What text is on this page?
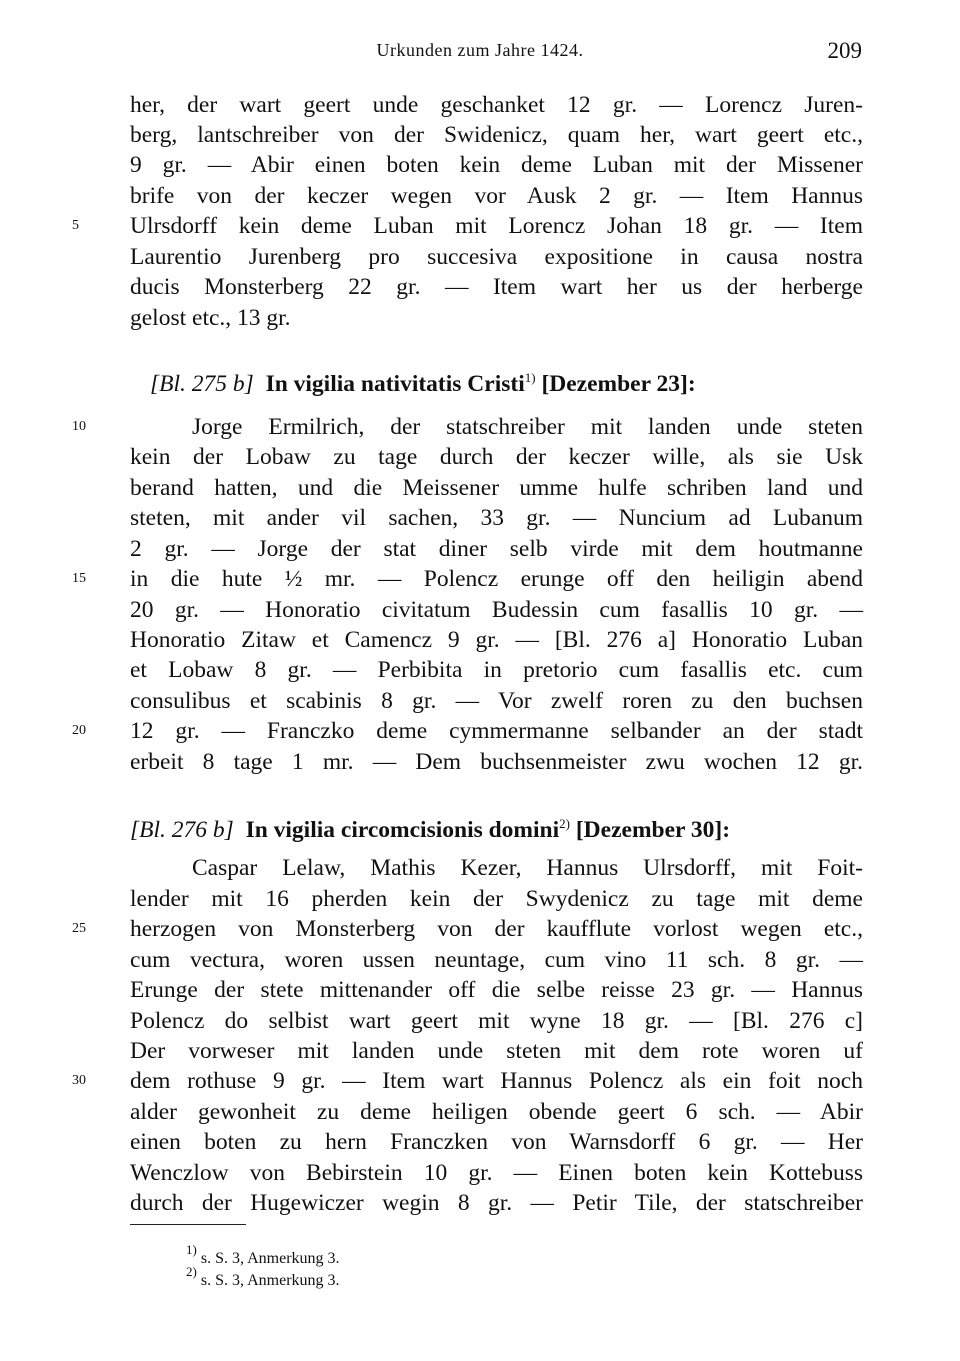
Urkunden zum Jahre 1424.	209
her, der wart geert unde geschanket 12 gr. — Lorencz Juren-
berg, lantschreiber von der Swidenicz, quam her, wart geert etc.,
9 gr. — Abir einen boten kein deme Luban mit der Missener
brife von der keczer wegen vor Ausk 2 gr. — Item Hannus
Ulrsdorff kein deme Luban mit Lorencz Johan 18 gr. — Item
Laurentio Jurenberg pro succesiva expositione in causa nostra
ducis Monsterberg 22 gr. — Item wart her us der herberge
gelost etc., 13 gr.
5
[Bl. 275 b] In vigilia nativitatis Cristi$^{1)}$ [Dezember 23]:
Jorge Ermilrich, der statschreiber mit landen unde steten
kein der Lobaw zu tage durch der keczer wille, als sie Usk
berand hatten, und die Meissener umme hulfe schriben land und
steten, mit ander vil sachen, 33 gr. — Nuncium ad Lubanum
2 gr. — Jorge der stat diner selb virde mit dem houtmanne
in die hute ½ mr. — Polencz erunge off den heiligin abend
20 gr. — Honoratio civitatum Budessin cum fasallis 10 gr. —
Honoratio Zitaw et Camencz 9 gr. — [Bl. 276 a] Honoratio Luban
et Lobaw 8 gr. — Perbibita in pretorio cum fasallis etc. cum
consulibus et scabinis 8 gr. — Vor zwelf roren zu den buchsen
12 gr. — Franczko deme cymmermanne selbander an der stadt
erbeit 8 tage 1 mr. — Dem buchsenmeister zwu wochen 12 gr.
10
15
20
[Bl. 276 b] In vigilia circomcisionis domini$^{2)}$ [Dezember 30]:
Caspar Lelaw, Mathis Kezer, Hannus Ulrsdorff, mit Foit-
lender mit 16 pherden kein der Swydenicz zu tage mit deme
herzogen von Monsterberg von der kaufflute vorlost wegen etc.,
cum vectura, woren ussen neuntage, cum vino 11 sch. 8 gr. —
Erunge der stete mittenander off die selbe reisse 23 gr. — Hannus
Polencz do selbist wart geert mit wyne 18 gr. — [Bl. 276 c]
Der vorweser mit landen unde steten mit dem rote woren uf
dem rothuse 9 gr. — Item wart Hannus Polencz als ein foit noch
alder gewonheit zu deme heiligen obende geert 6 sch. — Abir
einen boten zu hern Franczken von Warnsdorff 6 gr. — Her
Wenczlow von Bebirstein 10 gr. — Einen boten kein Kottebuss
durch der Hugewiczer wegin 8 gr. — Petir Tile, der statschreiber
25
30
$^{1)}$ s. S. 3, Anmerkung 3.
$^{2)}$ s. S. 3, Anmerkung 3.
